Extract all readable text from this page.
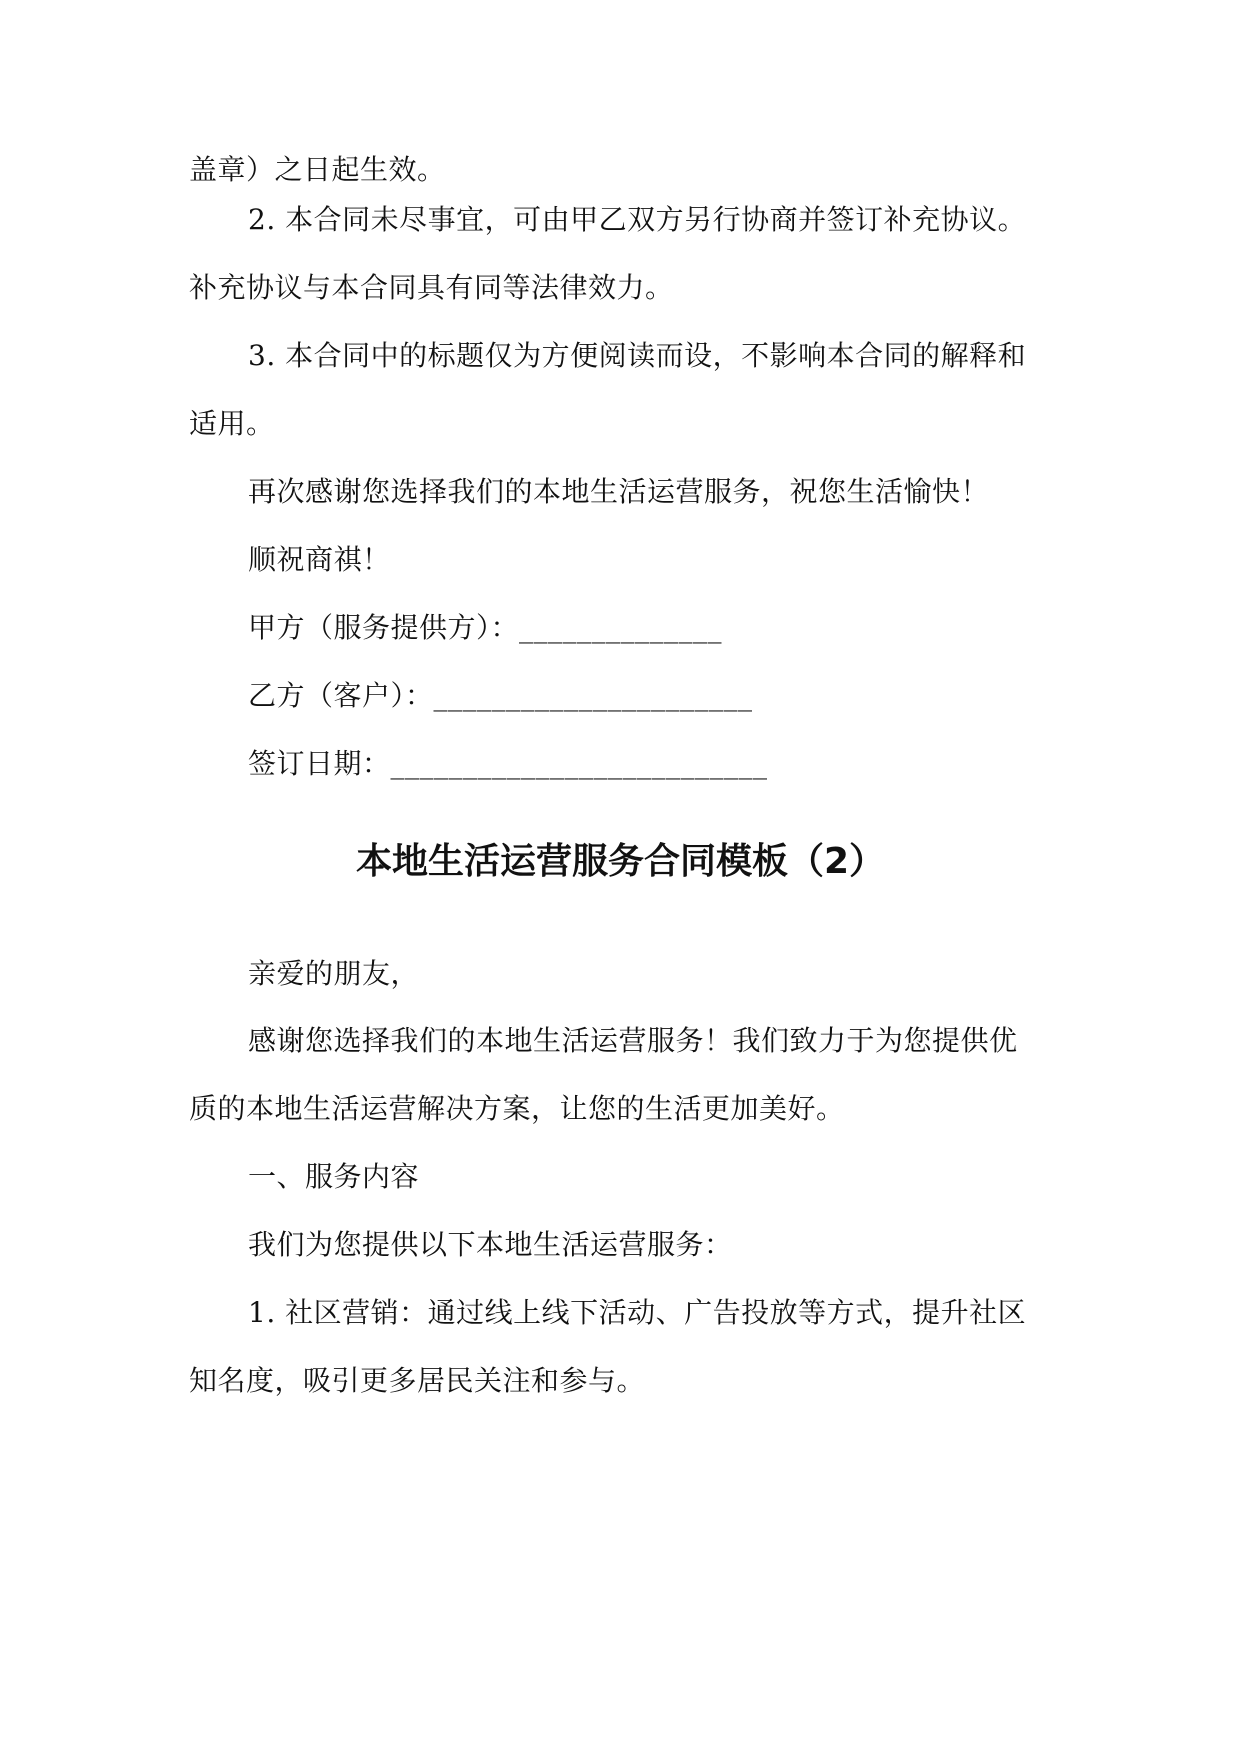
盖章）之日起生效。
2. 本合同未尽事宜，可由甲乙双方另行协商并签订补充协议。
补充协议与本合同具有同等法律效力。
3. 本合同中的标题仅为方便阅读而设，不影响本合同的解释和
适用。
再次感谢您选择我们的本地生活运营服务，祝您生活愉快！
顺祝商祺！
甲方（服务提供方）：______________
乙方（客户）：______________________
签订日期：__________________________
本地生活运营服务合同模板（2）
亲爱的朋友，
感谢您选择我们的本地生活运营服务！我们致力于为您提供优
质的本地生活运营解决方案，让您的生活更加美好。
一、服务内容
我们为您提供以下本地生活运营服务：
1. 社区营销：通过线上线下活动、广告投放等方式，提升社区
知名度，吸引更多居民关注和参与。
